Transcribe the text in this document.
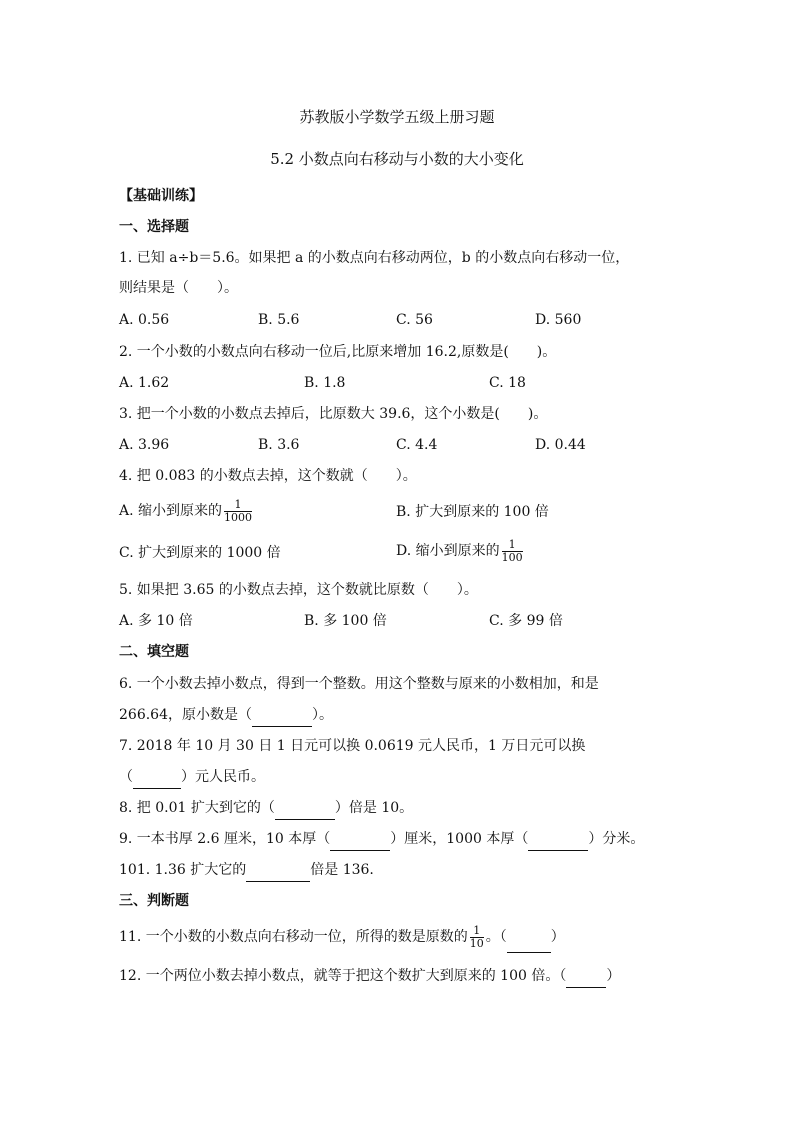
苏教版小学数学五级上册习题
5.2 小数点向右移动与小数的大小变化
【基础训练】
一、选择题
1. 已知 a÷b＝5.6。如果把 a 的小数点向右移动两位，b 的小数点向右移动一位，
则结果是（　　）。
A. 0.56	B. 5.6	C. 56	D. 560
2. 一个小数的小数点向右移动一位后,比原来增加 16.2,原数是(　　)。
A. 1.62	B. 1.8	C. 18
3. 把一个小数的小数点去掉后，比原数大 39.6，这个小数是(　　)。
A. 3.96	B. 3.6	C. 4.4	D. 0.44
4. 把 0.083 的小数点去掉，这个数就（　　）。
A. 缩小到原来的 $\frac{1}{1000}$	B. 扩大到原来的 100 倍
C. 扩大到原来的 1000 倍	D. 缩小到原来的 $\frac{1}{100}$
5. 如果把 3.65 的小数点去掉，这个数就比原数（　　）。
A. 多 10 倍	B. 多 100 倍	C. 多 99 倍
二、填空题
6. 一个小数去掉小数点，得到一个整数。用这个整数与原来的小数相加，和是
266.64，原小数是（	）。
7. 2018 年 10 月 30 日 1 日元可以换 0.0619 元人民币，1 万日元可以换
（	）元人民币。
8. 把 0.01 扩大到它的（	）倍是 10。
9. 一本书厚 2.6 厘米，10 本厚（	）厘米，1000 本厚（	）分米。
101. 1.36 扩大它的	倍是 136.
三、判断题
11. 一个小数的小数点向右移动一位，所得的数是原数的 $\frac{1}{10}$ 。（	）
12. 一个两位小数去掉小数点，就等于把这个数扩大到原来的 100 倍。（	）
